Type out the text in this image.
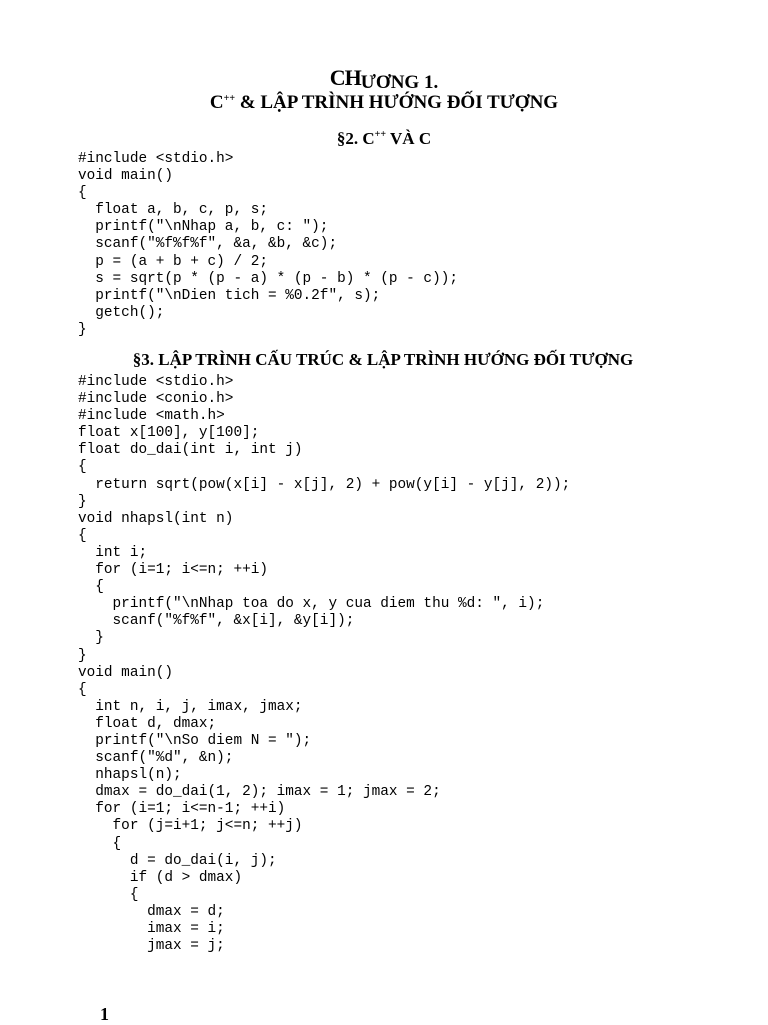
CHƯƠNG 1.
C++ & LẬP TRÌNH HƯỚNG ĐỐI TƯỢNG
§2. C++ VÀ C
#include <stdio.h>
void main()
{
float a, b, c, p, s;
printf("\nNhap a, b, c: ");
scanf("%f%f%f", &a, &b, &c);
p = (a + b + c) / 2;
s = sqrt(p * (p - a) * (p - b) * (p - c));
printf("\nDien tich = %0.2f", s);
getch();
}
§3. LẬP TRÌNH CẤU TRÚC & LẬP TRÌNH HƯỚNG ĐỐI TƯỢNG
#include <stdio.h>
#include <conio.h>
#include <math.h>
float x[100], y[100];
float do_dai(int i, int j)
{
return sqrt(pow(x[i] - x[j], 2) + pow(y[i] - y[j], 2));
}
void nhapsl(int n)
{
int i;
for (i=1; i<=n; ++i)
{
printf("\nNhap toa do x, y cua diem thu %d: ", i);
scanf("%f%f", &x[i], &y[i]);
}
}
void main()
{
int n, i, j, imax, jmax;
float d, dmax;
printf("\nSo diem N = ");
scanf("%d", &n);
nhapsl(n);
dmax = do_dai(1, 2); imax = 1; jmax = 2;
for (i=1; i<=n-1; ++i)
for (j=i+1; j<=n; ++j)
{
d = do_dai(i, j);
if (d > dmax)
{
dmax = d;
imax = i;
jmax = j;
1
